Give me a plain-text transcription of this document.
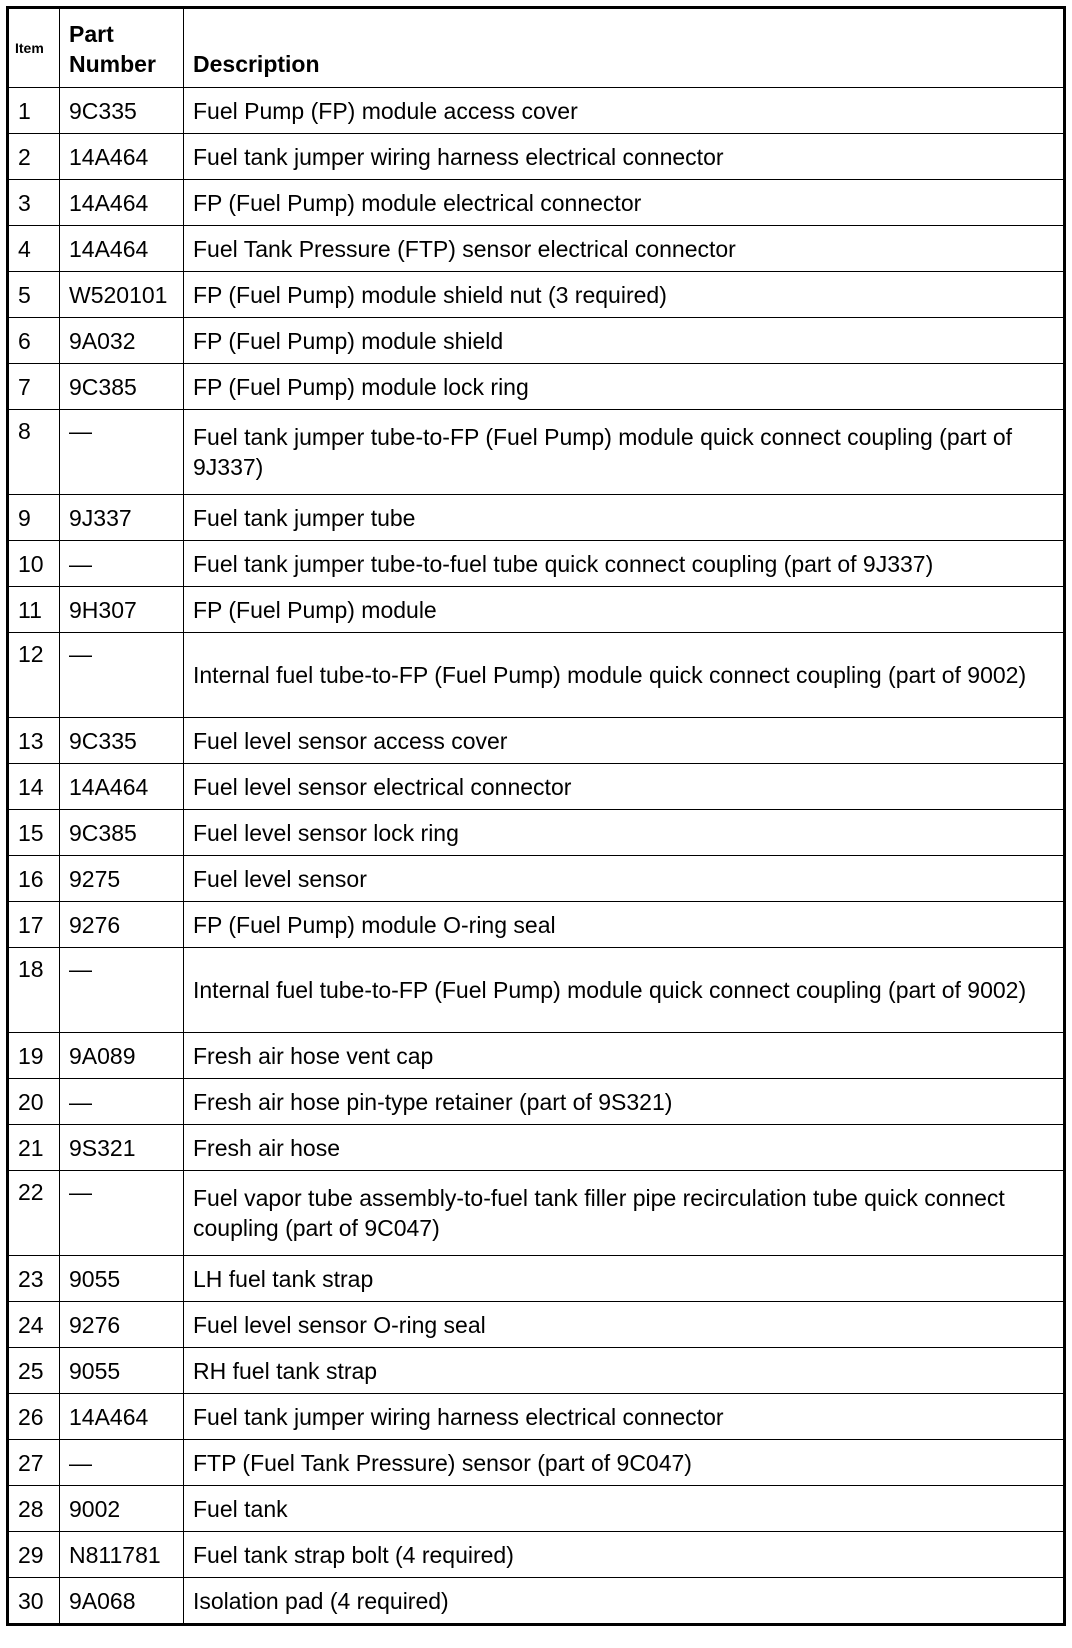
Item	Part Number	Description
1	9C335	Fuel Pump (FP) module access cover
2	14A464	Fuel tank jumper wiring harness electrical connector
3	14A464	FP (Fuel Pump) module electrical connector
4	14A464	Fuel Tank Pressure (FTP) sensor electrical connector
5	W520101	FP (Fuel Pump) module shield nut (3 required)
6	9A032	FP (Fuel Pump) module shield
7	9C385	FP (Fuel Pump) module lock ring
8	—	Fuel tank jumper tube-to-FP (Fuel Pump) module quick connect coupling (part of 9J337)
9	9J337	Fuel tank jumper tube
10	—	Fuel tank jumper tube-to-fuel tube quick connect coupling (part of 9J337)
11	9H307	FP (Fuel Pump) module
12	—	Internal fuel tube-to-FP (Fuel Pump) module quick connect coupling (part of 9002)
13	9C335	Fuel level sensor access cover
14	14A464	Fuel level sensor electrical connector
15	9C385	Fuel level sensor lock ring
16	9275	Fuel level sensor
17	9276	FP (Fuel Pump) module O-ring seal
18	—	Internal fuel tube-to-FP (Fuel Pump) module quick connect coupling (part of 9002)
19	9A089	Fresh air hose vent cap
20	—	Fresh air hose pin-type retainer (part of 9S321)
21	9S321	Fresh air hose
22	—	Fuel vapor tube assembly-to-fuel tank filler pipe recirculation tube quick connect coupling (part of 9C047)
23	9055	LH fuel tank strap
24	9276	Fuel level sensor O-ring seal
25	9055	RH fuel tank strap
26	14A464	Fuel tank jumper wiring harness electrical connector
27	—	FTP (Fuel Tank Pressure) sensor (part of 9C047)
28	9002	Fuel tank
29	N811781	Fuel tank strap bolt (4 required)
30	9A068	Isolation pad (4 required)
